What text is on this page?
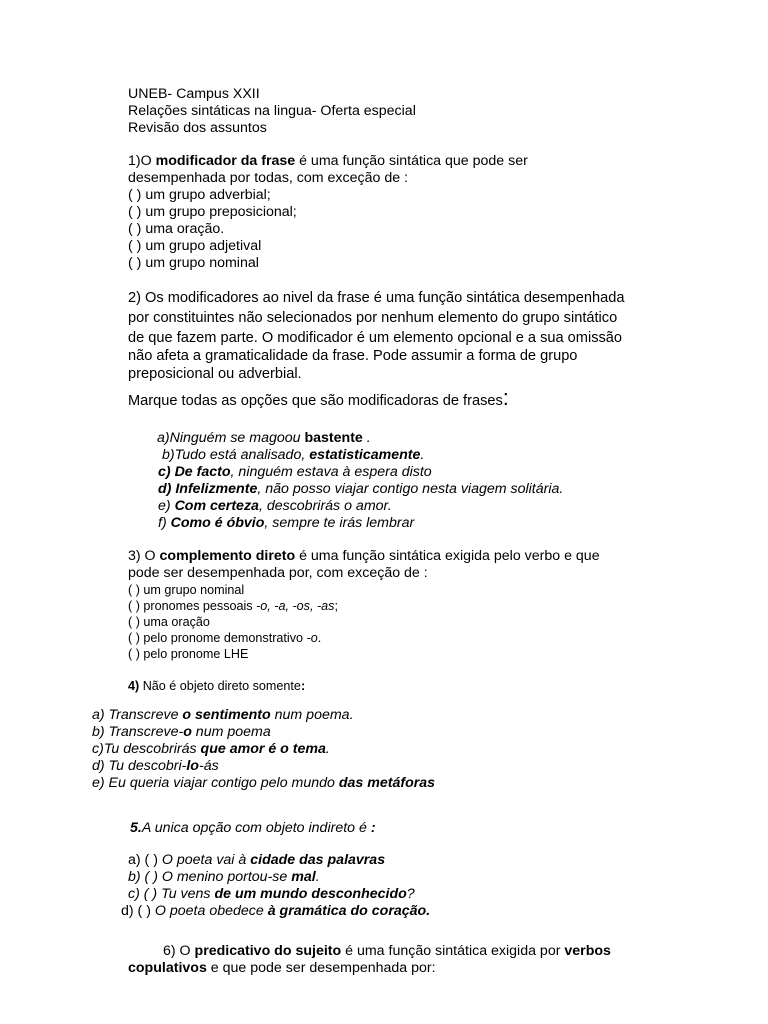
UNEB- Campus XXII
Relações sintáticas na lingua- Oferta especial
Revisão dos assuntos
1)O modificador da frase é uma função sintática que pode ser
desempenhada por todas, com exceção de :
( ) um grupo adverbial;
( ) um grupo preposicional;
( ) uma oração.
( ) um grupo adjetival
( ) um grupo nominal
2) Os modificadores ao nivel da frase é uma função sintática desempenhada
por constituintes não selecionados por nenhum elemento do grupo sintático
de que fazem parte. O modificador é um elemento opcional e a sua omissão
não afeta a gramaticalidade da frase. Pode assumir a forma de grupo
preposicional ou adverbial.
Marque todas as opções que são modificadoras de frases:
a)Ninguém se magoou bastente .
b)Tudo está analisado, estatisticamente.
c) De facto, ninguém estava à espera disto
d) Infelizmente, não posso viajar contigo nesta viagem solitária.
e) Com certeza, descobrirás o amor.
f) Como é óbvio, sempre te irás lembrar
3) O complemento direto é uma função sintática exigida pelo verbo e que
pode ser desempenhada por, com exceção de :
( ) um grupo nominal
( ) pronomes pessoais -o, -a, -os, -as;
( ) uma oração
( ) pelo pronome demonstrativo -o.
( ) pelo pronome LHE
4) Não é objeto direto somente:
a) Transcreve o sentimento num poema.
b) Transcreve-o num poema
c)Tu descobrirás que amor é o tema.
d) Tu descobri-lo-ás
e) Eu queria viajar contigo pelo mundo das metáforas
5.A unica opção com objeto indireto é :
a) ( ) O poeta vai à cidade das palavras
b) ( ) O menino portou-se mal.
c) ( ) Tu vens de um mundo desconhecido?
d) ( ) O poeta obedece à gramática do coração.
6) O predicativo do sujeito é uma função sintática exigida por verbos
copulativos e que pode ser desempenhada por:
